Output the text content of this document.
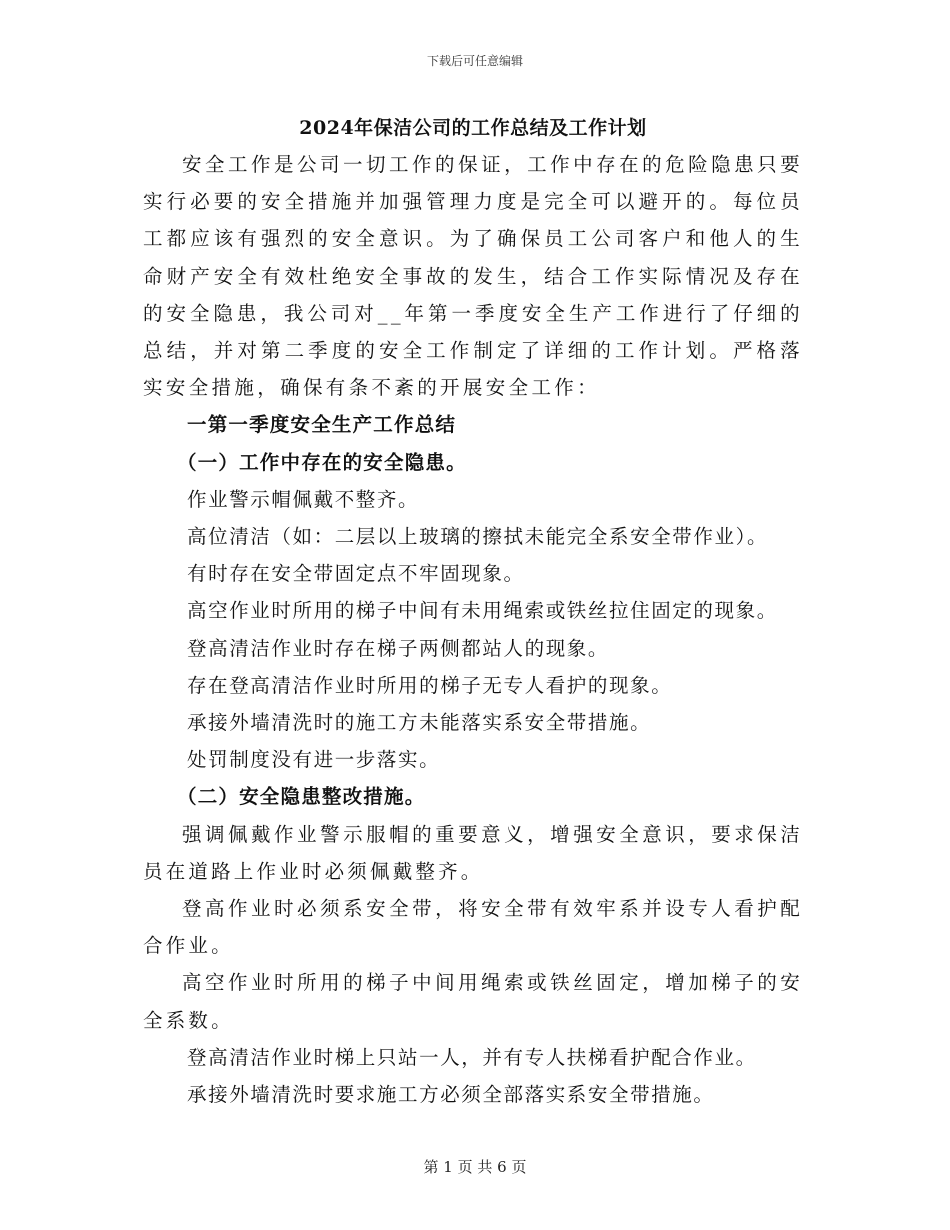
下载后可任意编辑
2024年保洁公司的工作总结及工作计划

安全工作是公司一切工作的保证，工作中存在的危险隐患只要实行必要的安全措施并加强管理力度是完全可以避开的。每位员工都应该有强烈的安全意识。为了确保员工公司客户和他人的生命财产安全有效杜绝安全事故的发生，结合工作实际情况及存在的安全隐患，我公司对__年第一季度安全生产工作进行了仔细的总结，并对第二季度的安全工作制定了详细的工作计划。严格落实安全措施，确保有条不紊的开展安全工作：

一第一季度安全生产工作总结

（一）工作中存在的安全隐患。

作业警示帽佩戴不整齐。

高位清洁（如：二层以上玻璃的擦拭未能完全系安全带作业）。

有时存在安全带固定点不牢固现象。

高空作业时所用的梯子中间有未用绳索或铁丝拉住固定的现象。

登高清洁作业时存在梯子两侧都站人的现象。

存在登高清洁作业时所用的梯子无专人看护的现象。

承接外墙清洗时的施工方未能落实系安全带措施。

处罚制度没有进一步落实。

（二）安全隐患整改措施。

强调佩戴作业警示服帽的重要意义，增强安全意识，要求保洁员在道路上作业时必须佩戴整齐。

登高作业时必须系安全带，将安全带有效牢系并设专人看护配合作业。

高空作业时所用的梯子中间用绳索或铁丝固定，增加梯子的安全系数。

登高清洁作业时梯上只站一人，并有专人扶梯看护配合作业。

承接外墙清洗时要求施工方必须全部落实系安全带措施。

第 1 页 共 6 页
